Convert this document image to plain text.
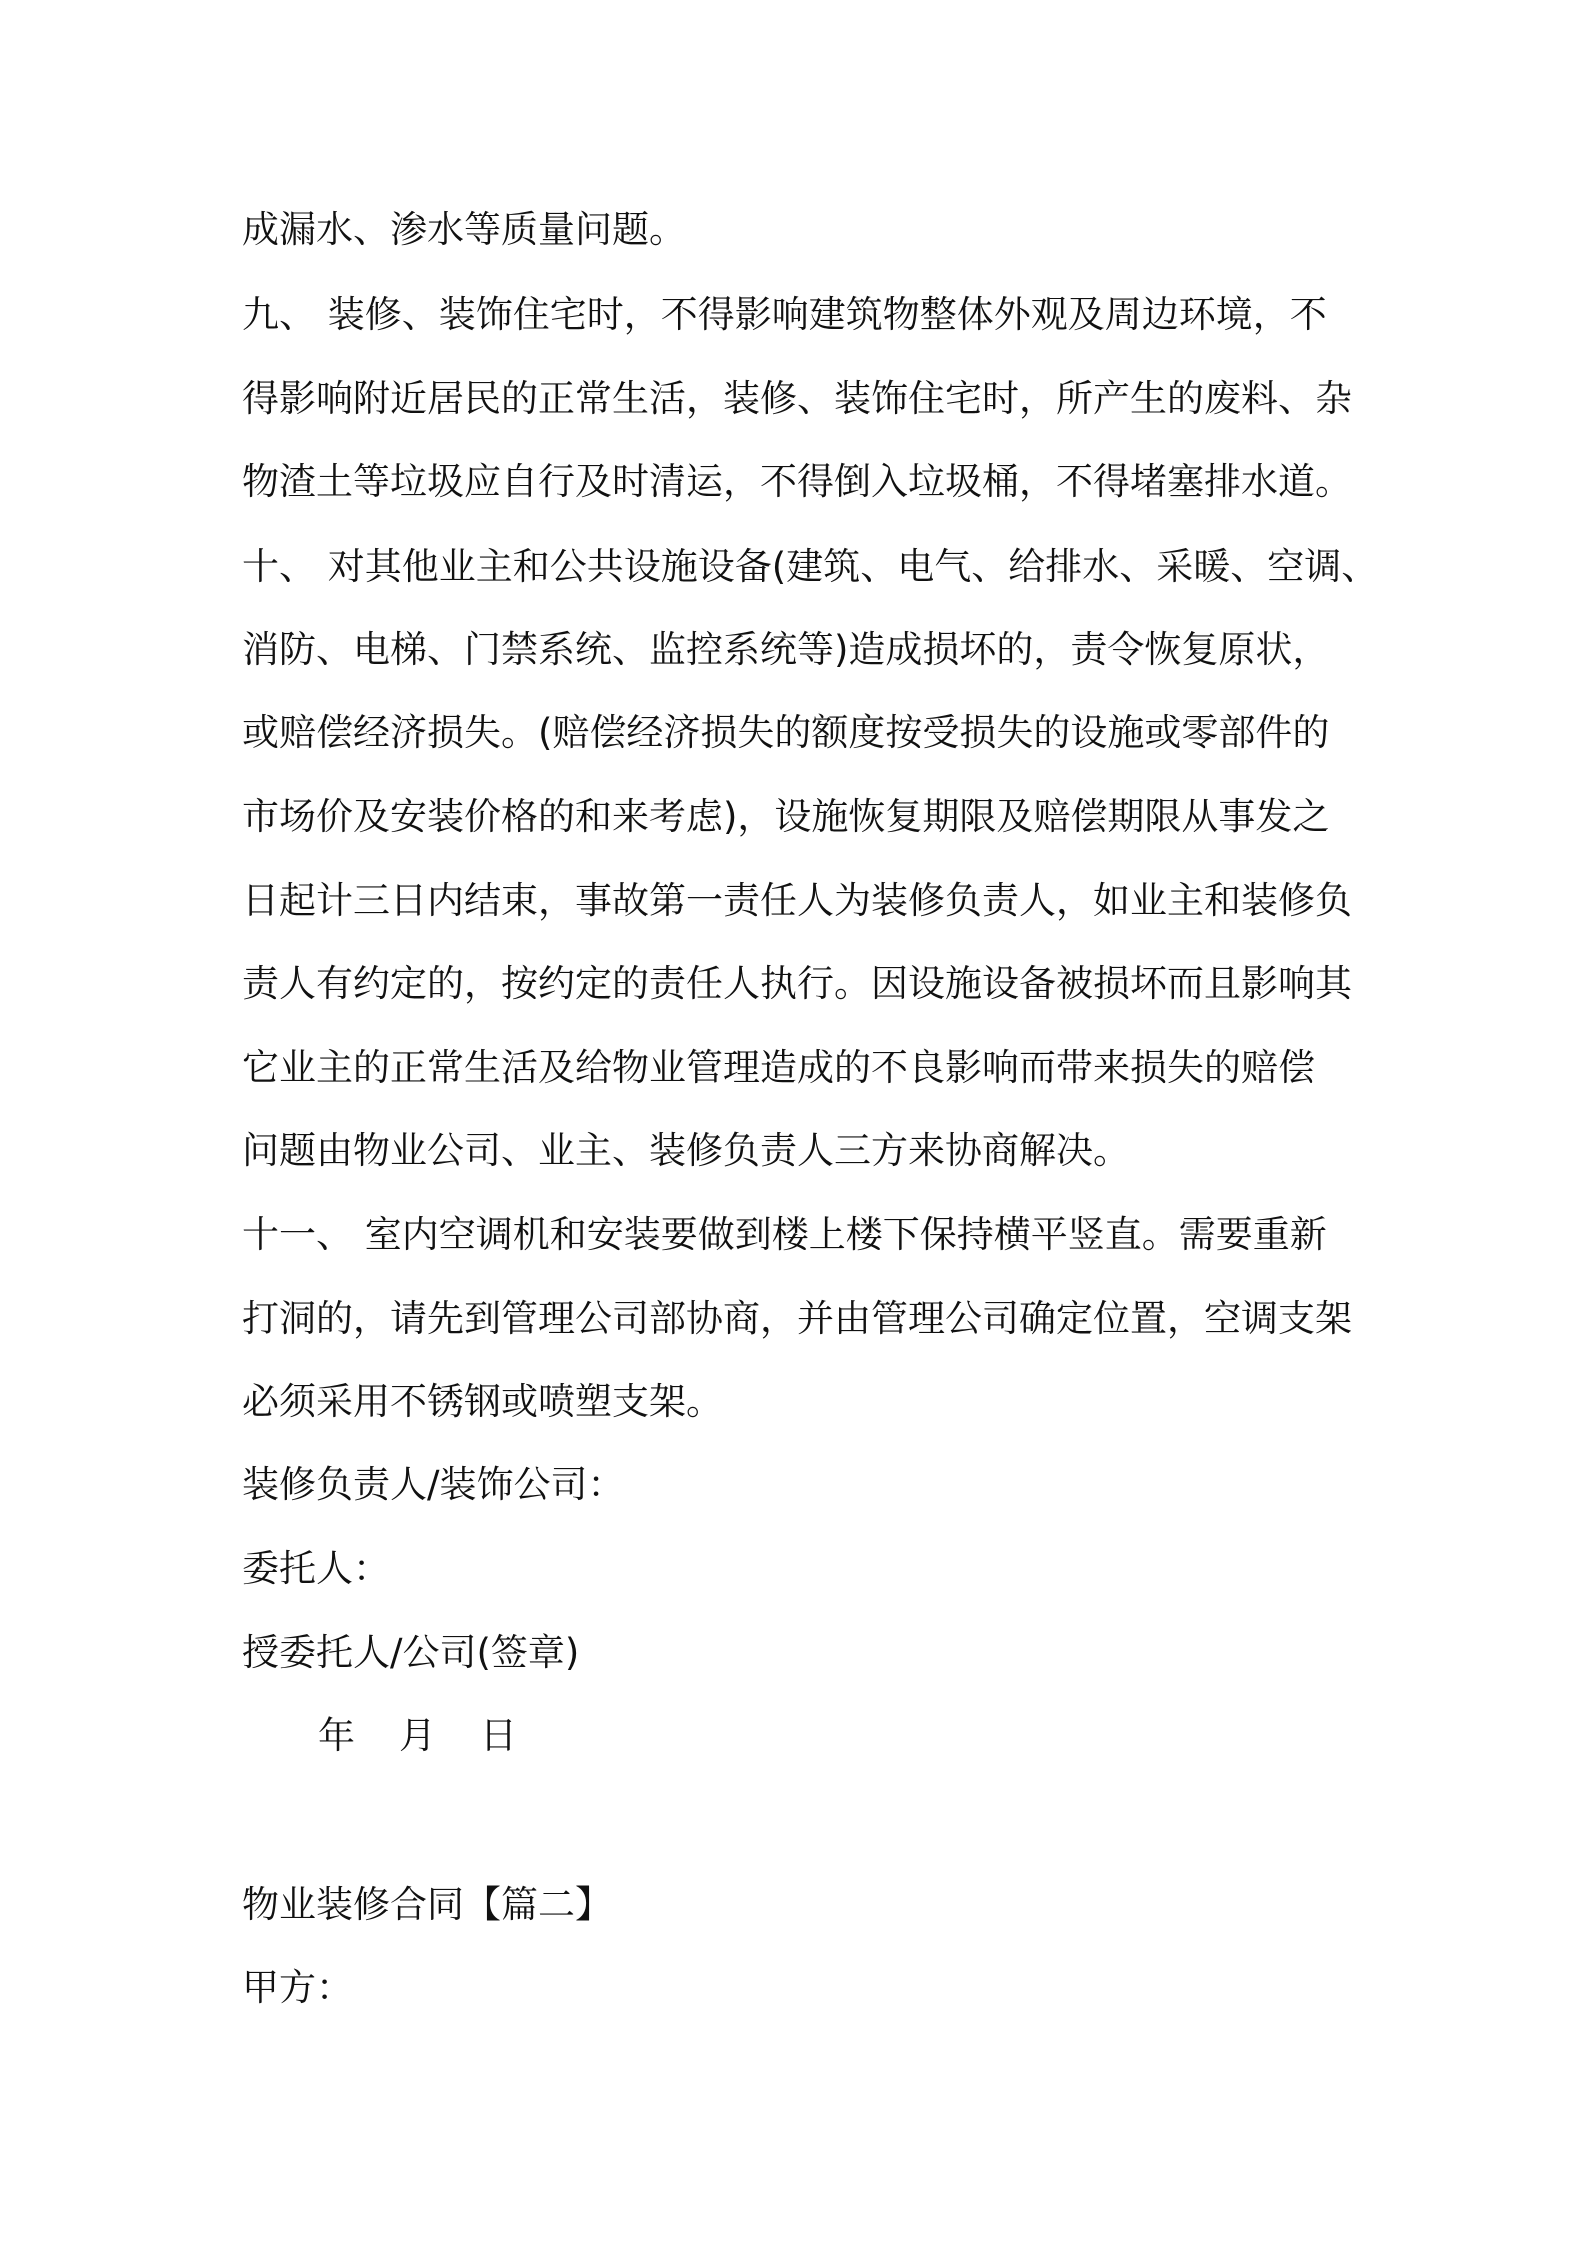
成漏水、渗水等质量问题。
九、 装修、装饰住宅时，不得影响建筑物整体外观及周边环境，不
得影响附近居民的正常生活，装修、装饰住宅时，所产生的废料、杂
物渣土等垃圾应自行及时清运，不得倒入垃圾桶，不得堵塞排水道。
十、 对其他业主和公共设施设备(建筑、电气、给排水、采暖、空调、
消防、电梯、门禁系统、监控系统等)造成损坏的，责令恢复原状，
或赔偿经济损失。(赔偿经济损失的额度按受损失的设施或零部件的
市场价及安装价格的和来考虑)，设施恢复期限及赔偿期限从事发之
日起计三日内结束，事故第一责任人为装修负责人，如业主和装修负
责人有约定的，按约定的责任人执行。因设施设备被损坏而且影响其
它业主的正常生活及给物业管理造成的不良影响而带来损失的赔偿
问题由物业公司、业主、装修负责人三方来协商解决。
十一、 室内空调机和安装要做到楼上楼下保持横平竖直。需要重新
打洞的，请先到管理公司部协商，并由管理公司确定位置，空调支架
必须采用不锈钢或喷塑支架。
装修负责人/装饰公司：
委托人：
授委托人/公司(签章)
年 月 日
物业装修合同【篇二】
甲方：
